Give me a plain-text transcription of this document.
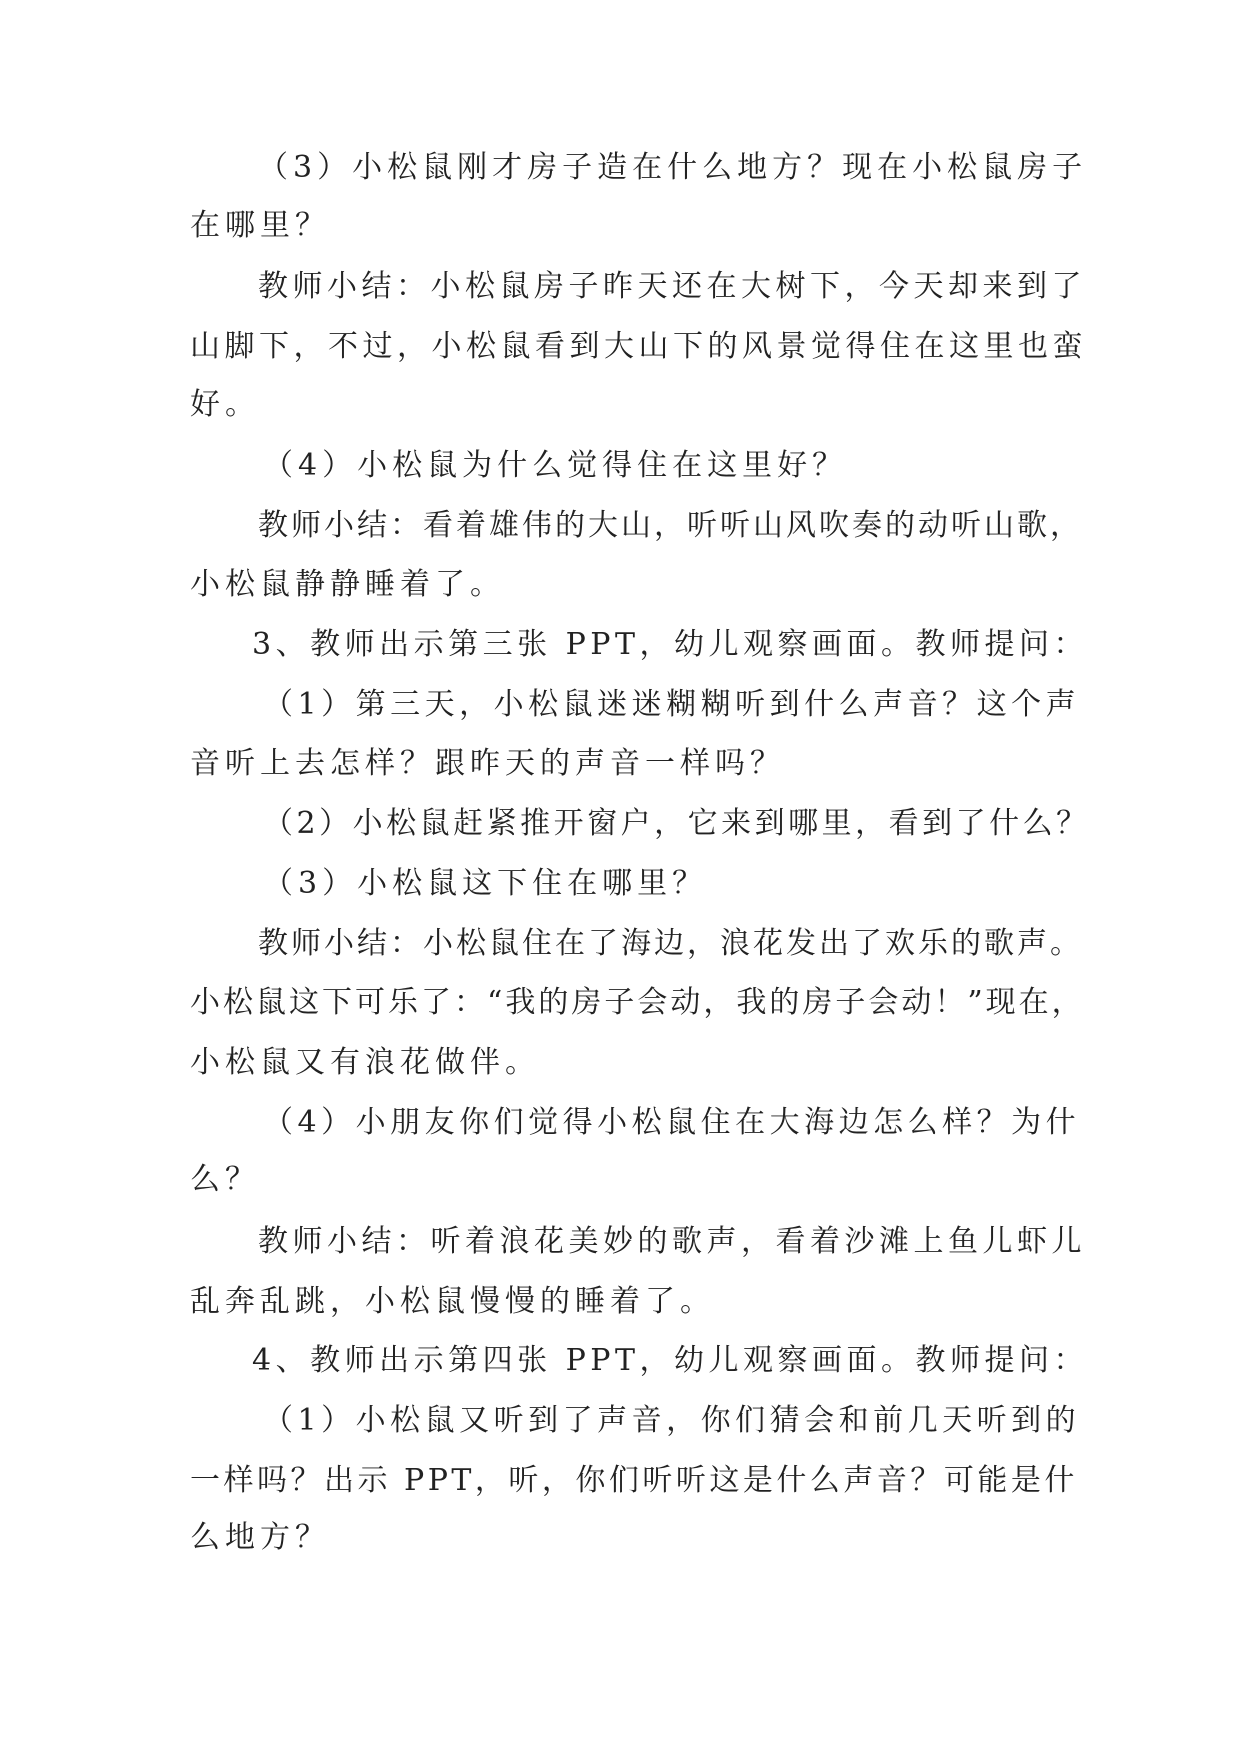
（3）小松鼠刚才房子造在什么地方？现在小松鼠房子
在哪里？
教师小结：小松鼠房子昨天还在大树下，今天却来到了
山脚下，不过，小松鼠看到大山下的风景觉得住在这里也蛮
好。
（4）小松鼠为什么觉得住在这里好？
教师小结：看着雄伟的大山，听听山风吹奏的动听山歌，
小松鼠静静睡着了。
3、教师出示第三张 PPT，幼儿观察画面。教师提问：
（1）第三天，小松鼠迷迷糊糊听到什么声音？这个声
音听上去怎样？跟昨天的声音一样吗？
（2）小松鼠赶紧推开窗户，它来到哪里，看到了什么？
（3）小松鼠这下住在哪里？
教师小结：小松鼠住在了海边，浪花发出了欢乐的歌声。
小松鼠这下可乐了：“我的房子会动，我的房子会动！”现在，
小松鼠又有浪花做伴。
（4）小朋友你们觉得小松鼠住在大海边怎么样？为什
么？
教师小结：听着浪花美妙的歌声，看着沙滩上鱼儿虾儿
乱奔乱跳，小松鼠慢慢的睡着了。
4、教师出示第四张 PPT，幼儿观察画面。教师提问：
（1）小松鼠又听到了声音，你们猜会和前几天听到的
一样吗？出示 PPT，听，你们听听这是什么声音？可能是什
么地方？
